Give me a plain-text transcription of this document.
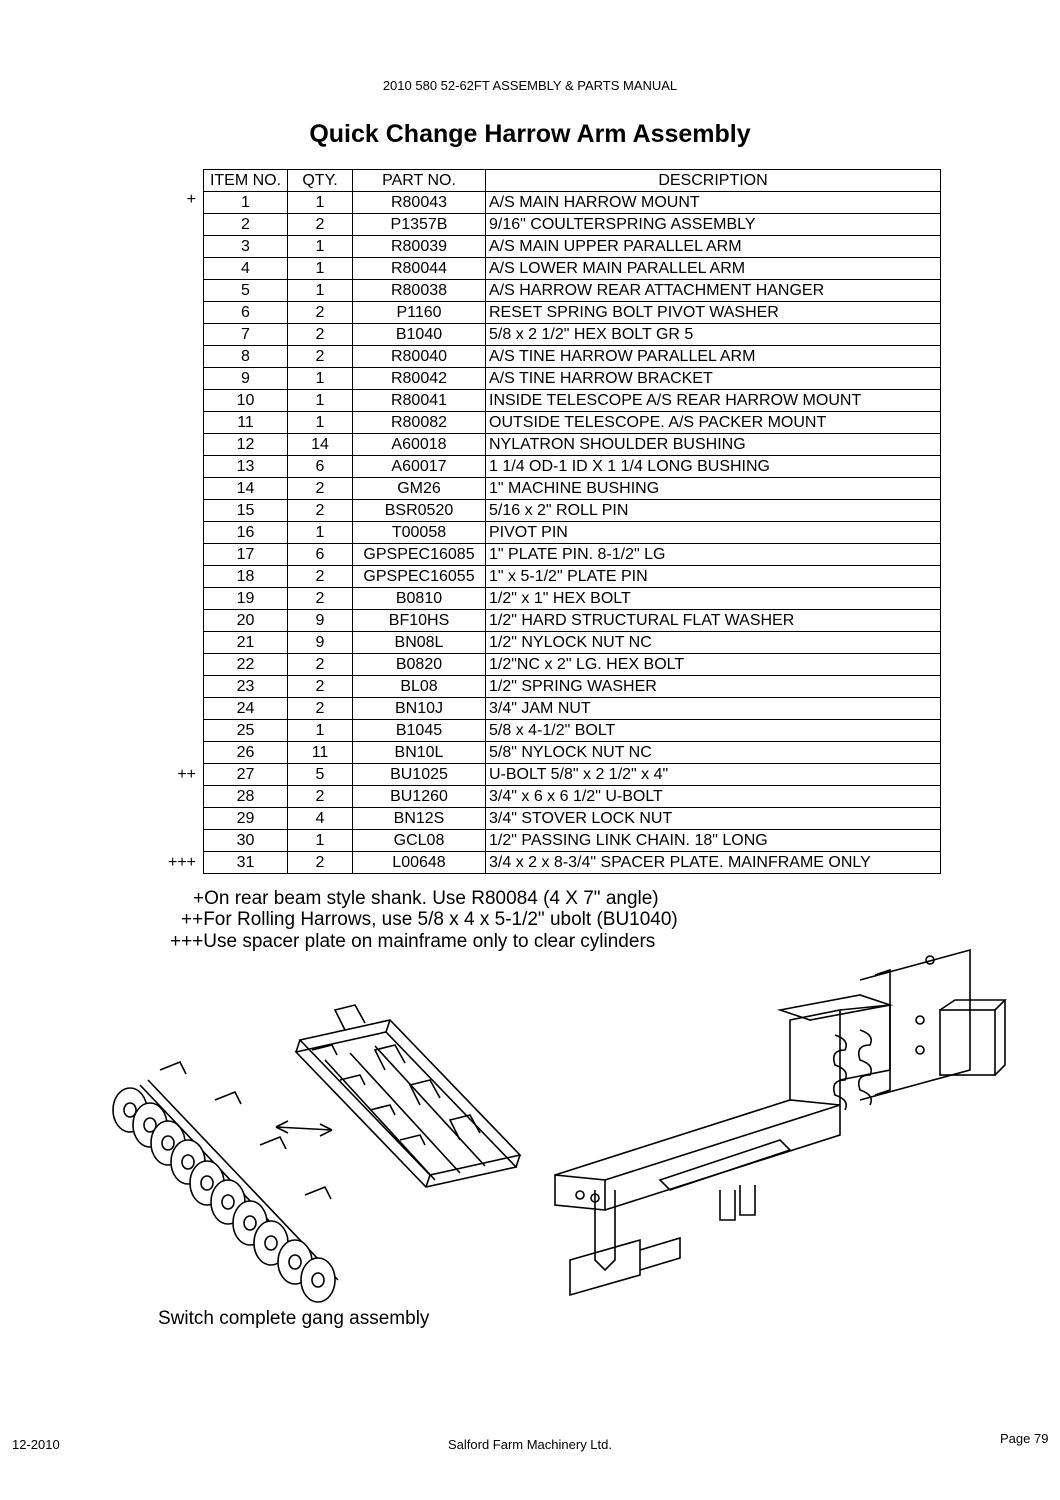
2010 580 52-62FT ASSEMBLY & PARTS MANUAL
Quick Change Harrow Arm Assembly
ITEM NO.	QTY.	PART NO.	DESCRIPTION
1	1	R80043	A/S MAIN HARROW MOUNT
2	2	P1357B	9/16" COULTERSPRING ASSEMBLY
3	1	R80039	A/S MAIN UPPER PARALLEL ARM
4	1	R80044	A/S LOWER MAIN PARALLEL ARM
5	1	R80038	A/S HARROW REAR ATTACHMENT HANGER
6	2	P1160	RESET SPRING BOLT PIVOT WASHER
7	2	B1040	5/8 x 2 1/2" HEX BOLT GR 5
8	2	R80040	A/S TINE HARROW PARALLEL ARM
9	1	R80042	A/S TINE HARROW BRACKET
10	1	R80041	INSIDE TELESCOPE A/S REAR HARROW MOUNT
11	1	R80082	OUTSIDE TELESCOPE. A/S PACKER MOUNT
12	14	A60018	NYLATRON SHOULDER BUSHING
13	6	A60017	1 1/4 OD-1 ID X 1 1/4 LONG BUSHING
14	2	GM26	1" MACHINE BUSHING
15	2	BSR0520	5/16 x 2" ROLL PIN
16	1	T00058	PIVOT PIN
17	6	GPSPEC16085	1" PLATE PIN. 8-1/2" LG
18	2	GPSPEC16055	1" x 5-1/2" PLATE PIN
19	2	B0810	1/2" x 1" HEX BOLT
20	9	BF10HS	1/2" HARD STRUCTURAL FLAT WASHER
21	9	BN08L	1/2" NYLOCK NUT NC
22	2	B0820	1/2"NC x 2" LG. HEX BOLT
23	2	BL08	1/2" SPRING WASHER
24	2	BN10J	3/4" JAM NUT
25	1	B1045	5/8 x 4-1/2" BOLT
26	11	BN10L	5/8" NYLOCK NUT NC
27	5	BU1025	U-BOLT 5/8" x 2 1/2" x 4"
28	2	BU1260	3/4" x 6 x 6 1/2" U-BOLT
29	4	BN12S	3/4" STOVER LOCK NUT
30	1	GCL08	1/2" PASSING LINK CHAIN. 18" LONG
31	2	L00648	3/4 x 2 x 8-3/4" SPACER PLATE. MAINFRAME ONLY
+
++
+++
+On rear beam style shank. Use R80084 (4 X 7" angle)
++For Rolling Harrows, use 5/8 x 4 x 5-1/2" ubolt (BU1040)
+++Use spacer plate on mainframe only to clear cylinders
Switch complete gang assembly
12-2010	Salford Farm Machinery Ltd.	Page 79
